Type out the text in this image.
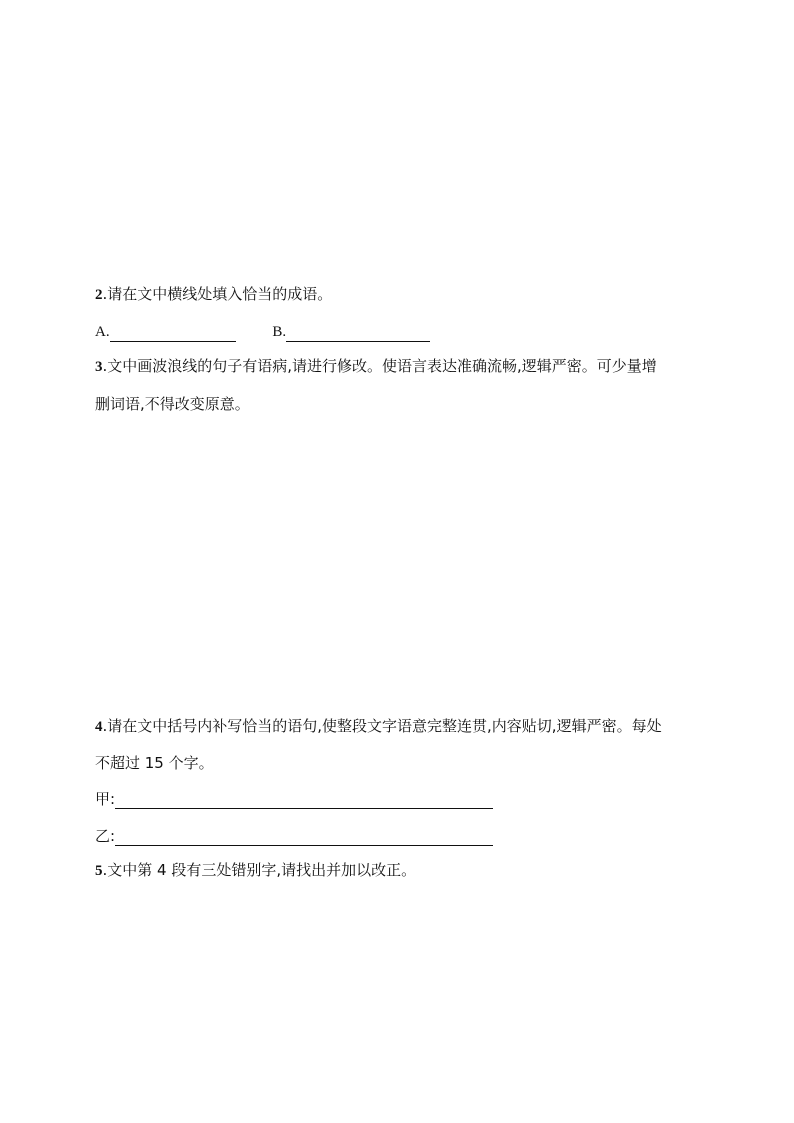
2.请在文中横线处填入恰当的成语。
A.
	B.
3.文中画波浪线的句子有语病,请进行修改。使语言表达准确流畅,逻辑严密。可少量增
删词语,不得改变原意。
4.请在文中括号内补写恰当的语句,使整段文字语意完整连贯,内容贴切,逻辑严密。每处
不超过 15 个字。
甲:
乙:
5.文中第 4 段有三处错别字,请找出并加以改正。
